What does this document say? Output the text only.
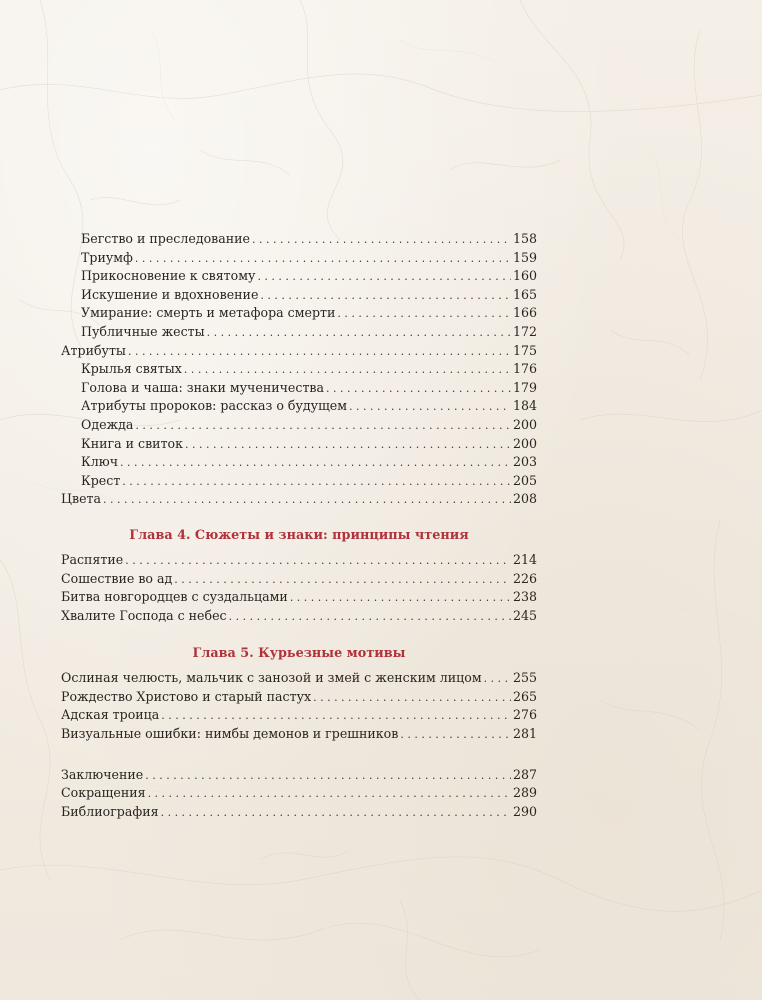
Бегство и преследование . . .	158
Триумф . . .	159
Прикосновение к святому . . .	160
Искушение и вдохновение . . .	165
Умирание: смерть и метафора смерти . . .	166
Публичные жесты . . .	172
Атрибуты . . .	175
Крылья святых . . .	176
Голова и чаша: знаки мученичества . . .	179
Атрибуты пророков: рассказ о будущем . . .	184
Одежда . . .	200
Книга и свиток . . .	200
Ключ . . .	203
Крест . . .	205
Цвета . . .	208
Глава 4. Сюжеты и знаки: принципы чтения
Распятие . . .	214
Сошествие во ад . . .	226
Битва новгородцев с суздальцами . . .	238
Хвалите Господа с небес . . .	245
Глава 5. Курьезные мотивы
Ослиная челюсть, мальчик с занозой и змей с женским лицом . . . 255
Рождество Христово и старый пастух . . .	265
Адская троица . . .	276
Визуальные ошибки: нимбы демонов и грешников . . .	281
Заключение . . .	287
Сокращения . . .	289
Библиография . . .	290
